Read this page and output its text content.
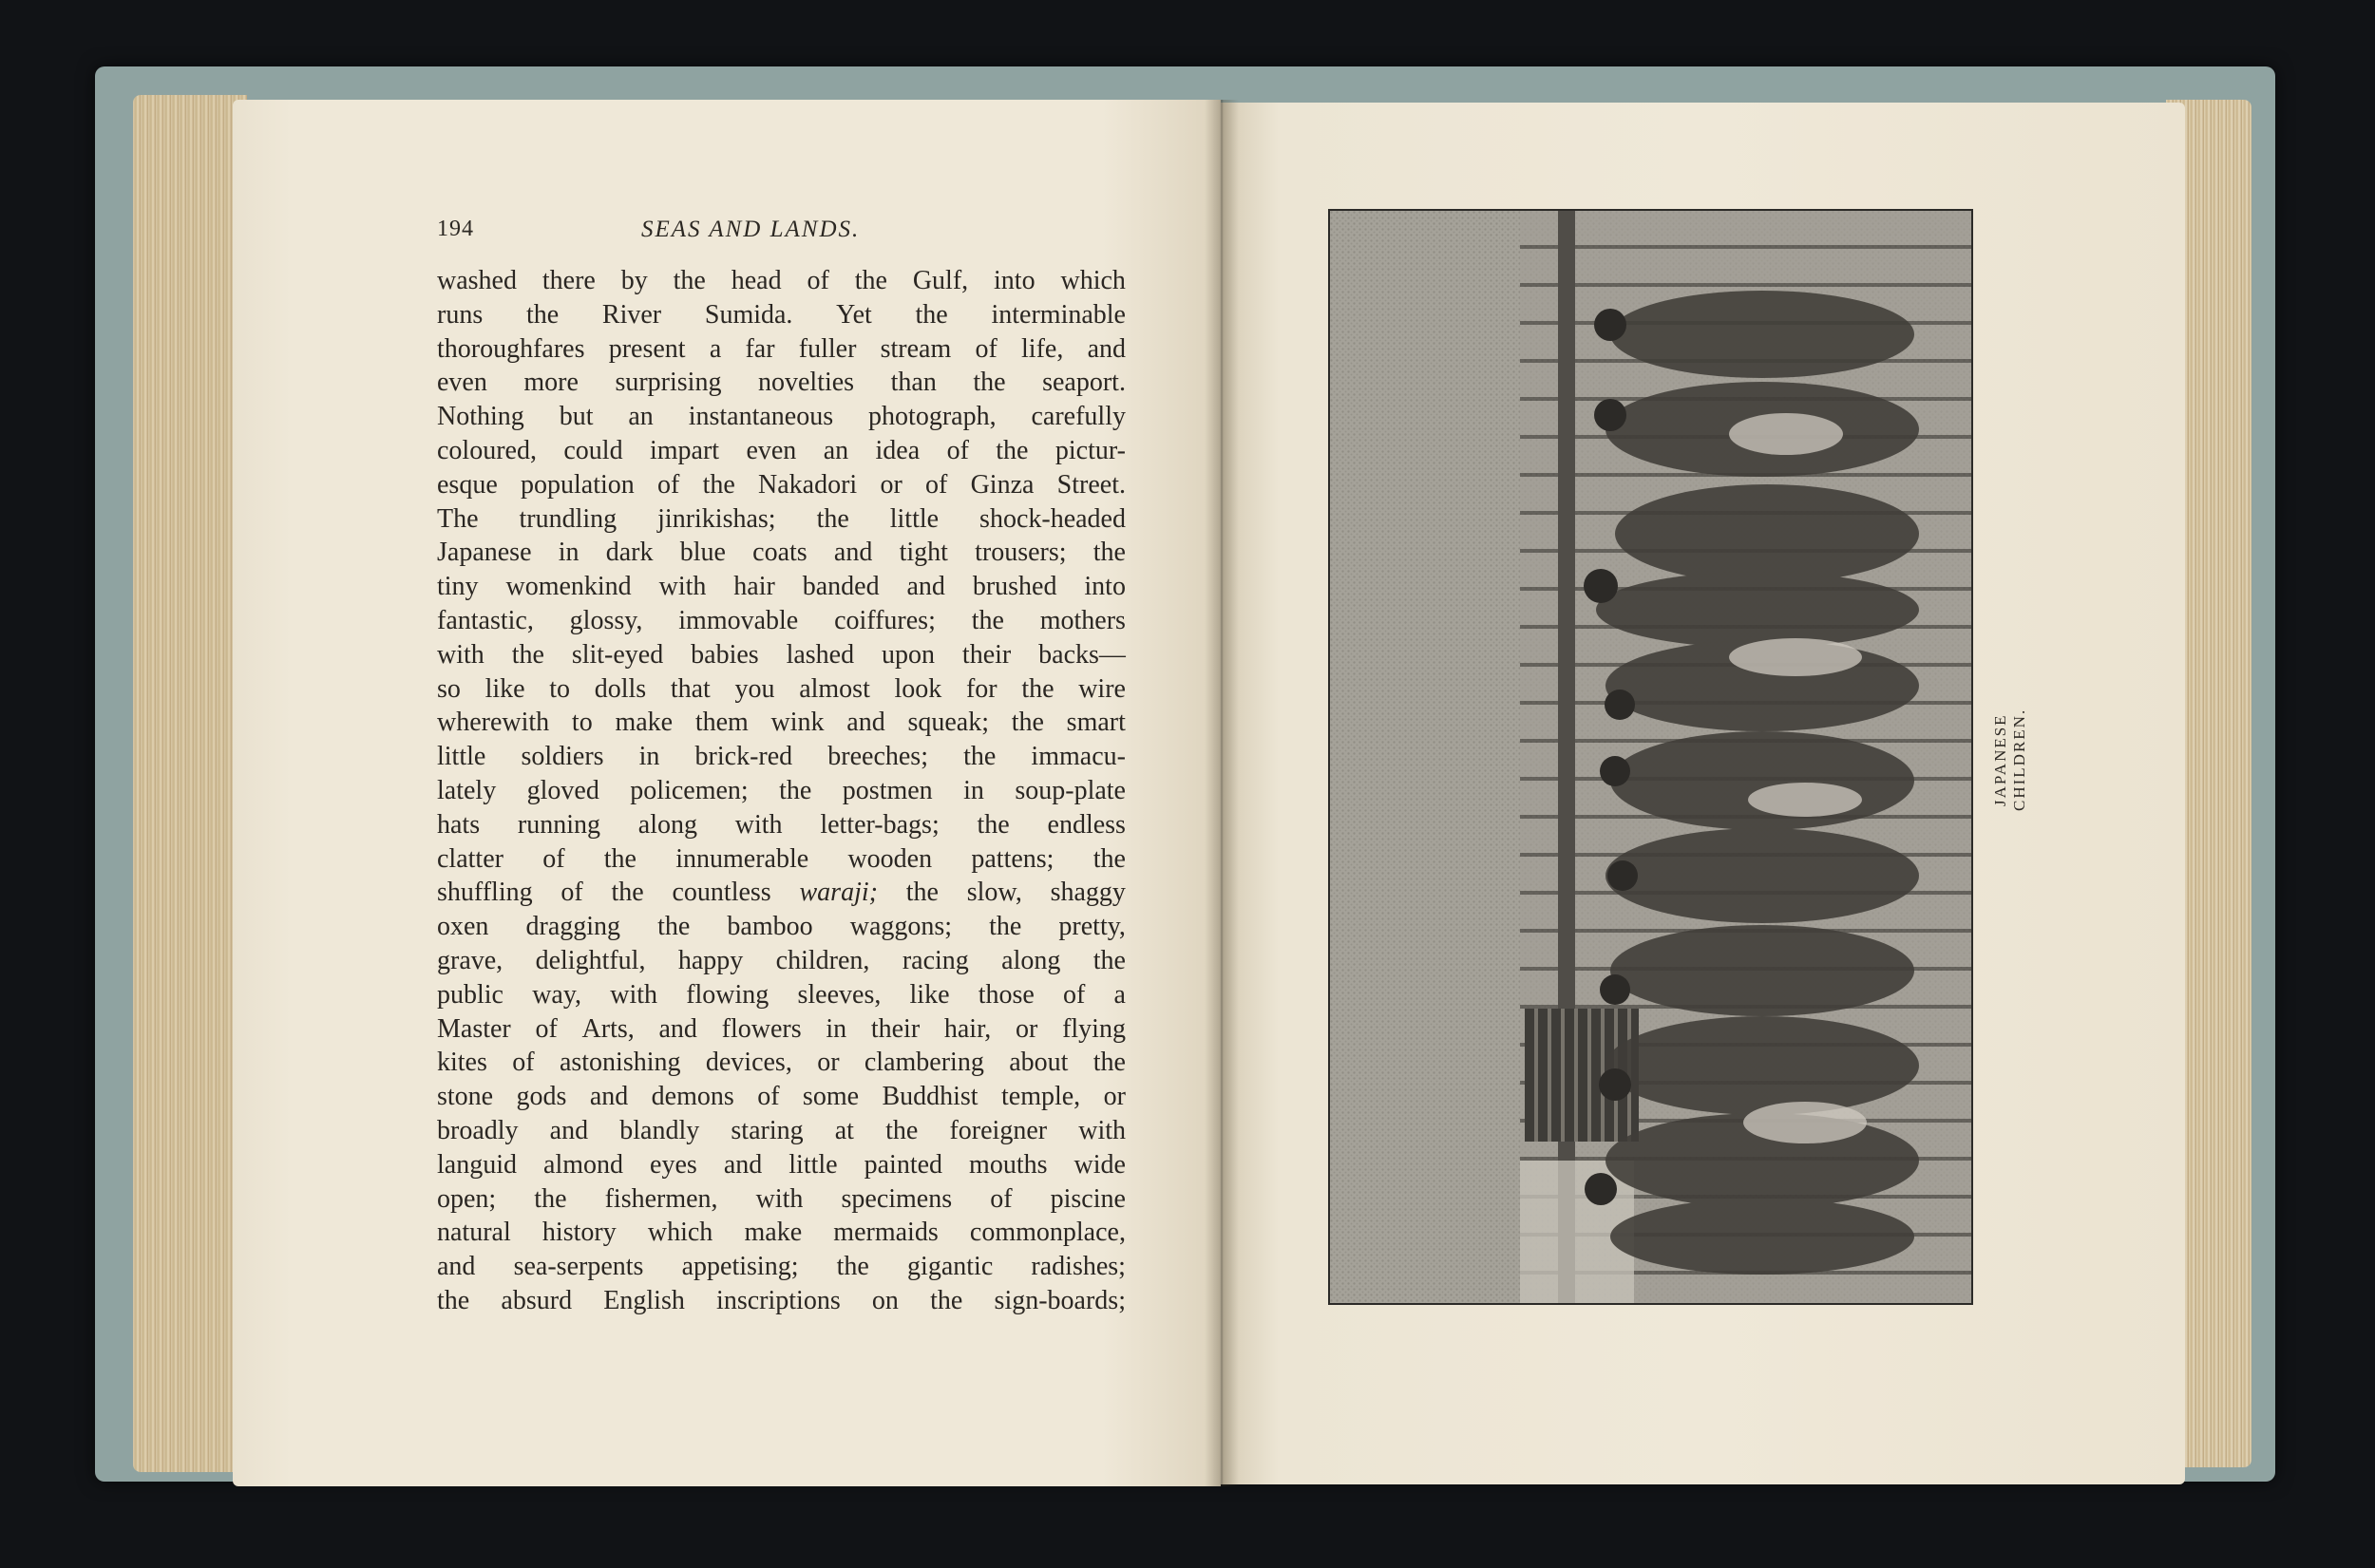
194	SEAS AND LANDS.
washed there by the head of the Gulf, into which
runs the River Sumida. Yet the interminable
thoroughfares present a far fuller stream of life, and
even more surprising novelties than the seaport.
Nothing but an instantaneous photograph, carefully
coloured, could impart even an idea of the pictur-
esque population of the Nakadori or of Ginza Street.
The trundling jinrikishas; the little shock-headed
Japanese in dark blue coats and tight trousers; the
tiny womenkind with hair banded and brushed into
fantastic, glossy, immovable coiffures; the mothers
with the slit-eyed babies lashed upon their backs—
so like to dolls that you almost look for the wire
wherewith to make them wink and squeak; the smart
little soldiers in brick-red breeches; the immacu-
lately gloved policemen; the postmen in soup-plate
hats running along with letter-bags; the endless
clatter of the innumerable wooden pattens; the
shuffling of the countless waraji; the slow, shaggy
oxen dragging the bamboo waggons; the pretty,
grave, delightful, happy children, racing along the
public way, with flowing sleeves, like those of a
Master of Arts, and flowers in their hair, or flying
kites of astonishing devices, or clambering about the
stone gods and demons of some Buddhist temple, or
broadly and blandly staring at the foreigner with
languid almond eyes and little painted mouths wide
open; the fishermen, with specimens of piscine
natural history which make mermaids commonplace,
and sea-serpents appetising; the gigantic radishes;
the absurd English inscriptions on the sign-boards;
JAPANESE CHILDREN.
